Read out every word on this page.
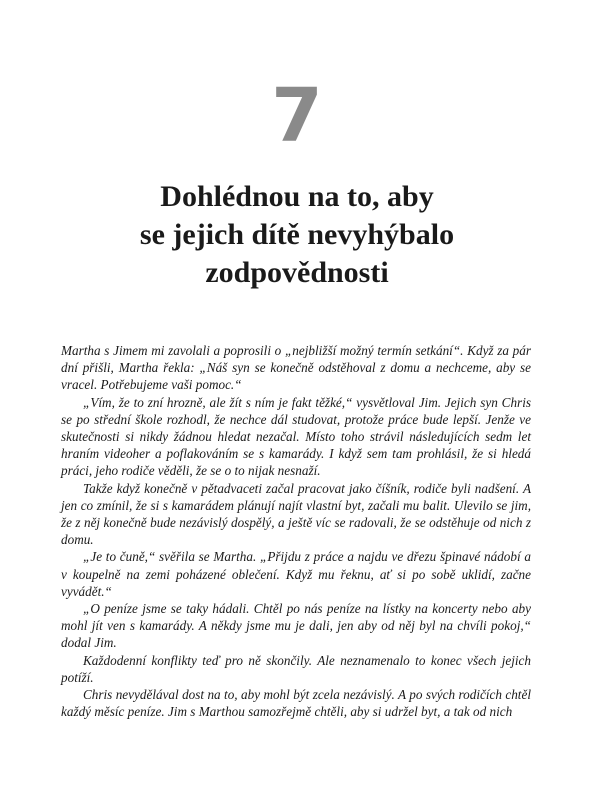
7
Dohlédnou na to, aby
se jejich dítě nevyhýbalo
zodpovědnosti

Martha s Jimem mi zavolali a poprosili o „nejbližší možný termín setkání“. Když za pár dní přišli, Martha řekla: „Náš syn se konečně odstěhoval z domu a nechceme, aby se vracel. Potřebujeme vaši pomoc.“

„Vím, že to zní hrozně, ale žít s ním je fakt těžké,“ vysvětloval Jim. Jejich syn Chris se po střední škole rozhodl, že nechce dál studovat, protože práce bude lepší. Jenže ve skutečnosti si nikdy žádnou hledat nezačal. Místo toho strávil následujících sedm let hraním videoher a poflakováním se s kamarády. I když sem tam prohlásil, že si hledá práci, jeho rodiče věděli, že se o to nijak nesnaží.

Takže když konečně v pětadvaceti začal pracovat jako číšník, rodiče byli nadšení. A jen co zmínil, že si s kamarádem plánují najít vlastní byt, začali mu balit. Ulevilo se jim, že z něj konečně bude nezávislý dospělý, a ještě víc se radovali, že se odstěhuje od nich z domu.

„Je to čuně,“ svěřila se Martha. „Přijdu z práce a najdu ve dřezu špinavé nádobí a v koupelně na zemi poházené oblečení. Když mu řeknu, ať si po sobě uklidí, začne vyvádět.“

„O peníze jsme se taky hádali. Chtěl po nás peníze na lístky na koncerty nebo aby mohl jít ven s kamarády. A někdy jsme mu je dali, jen aby od něj byl na chvíli pokoj,“ dodal Jim.

Každodenní konflikty teď pro ně skončily. Ale neznamenalo to konec všech jejich potíží.

Chris nevydělával dost na to, aby mohl být zcela nezávislý. A po svých rodičích chtěl každý měsíc peníze. Jim s Marthou samozřejmě chtěli, aby si udržel byt, a tak od nich
